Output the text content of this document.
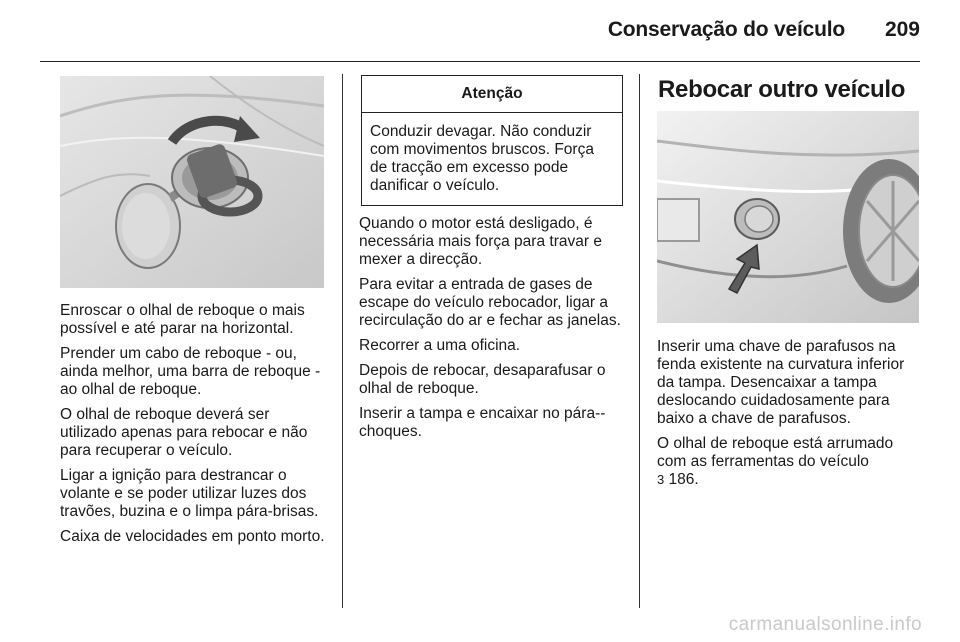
Conservação do veículo 209

Enroscar o olhal de reboque o mais possível e até parar na horizontal.

Prender um cabo de reboque - ou, ainda melhor, uma barra de reboque - ao olhal de reboque.

O olhal de reboque deverá ser utilizado apenas para rebocar e não para recuperar o veículo.

Ligar a ignição para destrancar o volante e se poder utilizar luzes dos travões, buzina e o limpa pára-brisas.

Caixa de velocidades em ponto morto.

Atenção
Conduzir devagar. Não conduzir com movimentos bruscos. Força de tracção em excesso pode danificar o veículo.

Quando o motor está desligado, é necessária mais força para travar e mexer a direcção.

Para evitar a entrada de gases de escape do veículo rebocador, ligar a recirculação do ar e fechar as janelas.

Recorrer a uma oficina.

Depois de rebocar, desaparafusar o olhal de reboque.

Inserir a tampa e encaixar no pára--choques.

Rebocar outro veículo

Inserir uma chave de parafusos na fenda existente na curvatura inferior da tampa. Desencaixar a tampa deslocando cuidadosamente para baixo a chave de parafusos.

O olhal de reboque está arrumado com as ferramentas do veículo
3 186.

carmanualsonline.info
